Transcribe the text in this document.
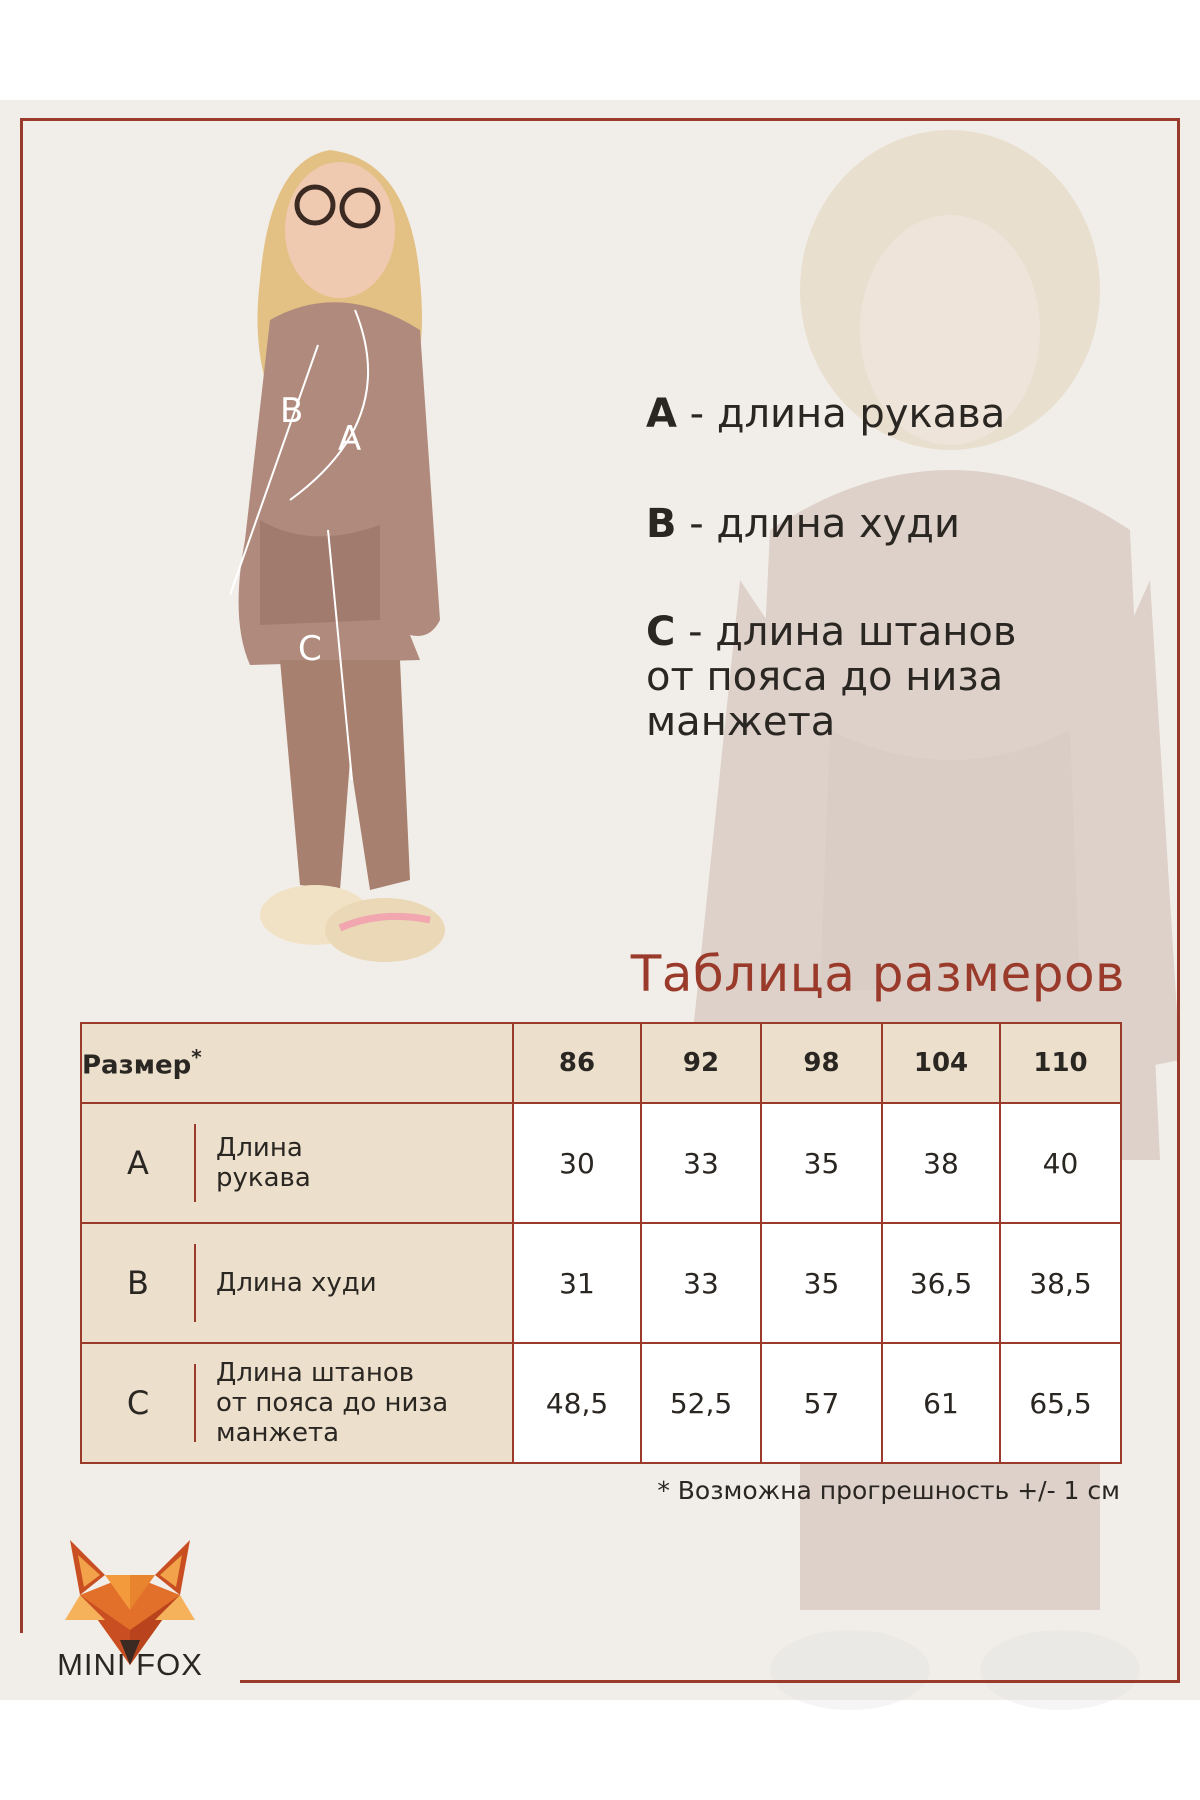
B
A
C

A - длина рукава

B - длина худи

C - длина штанов
от пояса до низа
манжета

Таблица размеров
Размер*	86	92	98	104	110

A Длина
рукава	30	33	35	38	40

B Длина худи	31	33	35	36,5	38,5

C
Длина штанов
от пояса до низа
манжета	48,5	52,5	57	61	65,5
* Возможна прогрешность +/- 1 см
MINI FOX
